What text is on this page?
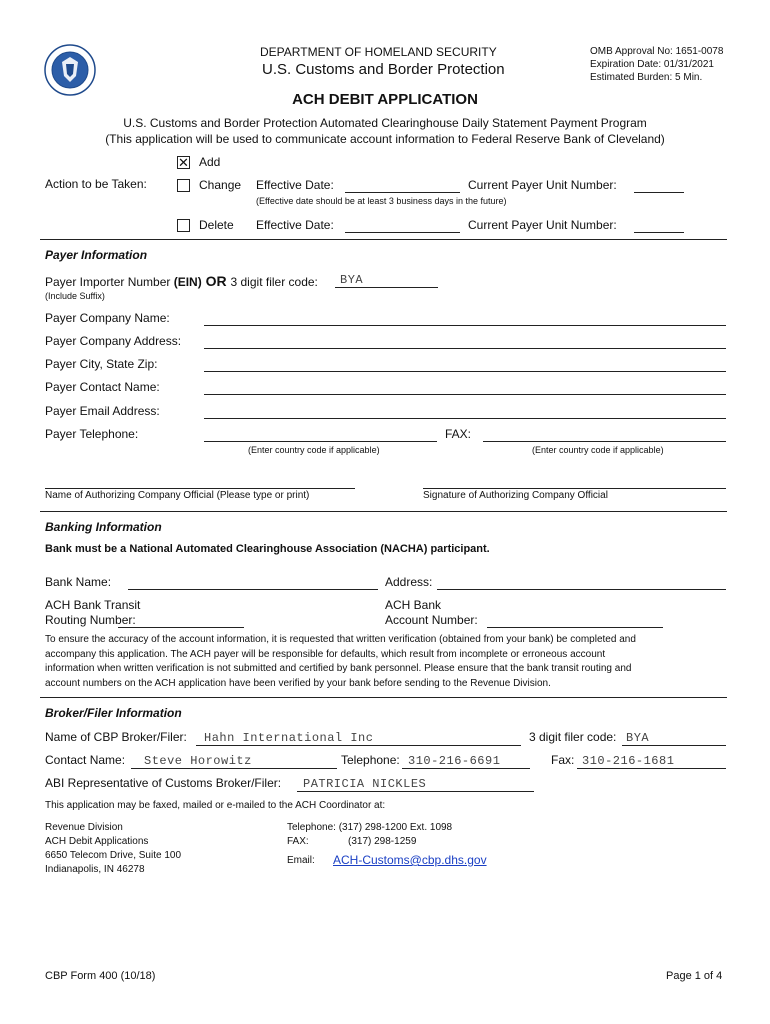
DEPARTMENT OF HOMELAND SECURITY
U.S. Customs and Border Protection
OMB Approval No: 1651-0078
Expiration Date: 01/31/2021
Estimated Burden: 5 Min.
ACH DEBIT APPLICATION
U.S. Customs and Border Protection Automated Clearinghouse Daily Statement Payment Program
(This application will be used to communicate account information to Federal Reserve Bank of Cleveland)
✕ Add
Action to be Taken:	Change Effective Date:	Current Payer Unit Number:
(Effective date should be at least 3 business days in the future)
Delete Effective Date:	Current Payer Unit Number:
Payer Information
Payer Importer Number (EIN) OR 3 digit filer code: BYA
(Include Suffix)
Payer Company Name:
Payer Company Address:
Payer City, State Zip:
Payer Contact Name:
Payer Email Address:
Payer Telephone:	FAX:
(Enter country code if applicable)	(Enter country code if applicable)
Name of Authorizing Company Official (Please type or print)	Signature of Authorizing Company Official
Banking Information
Bank must be a National Automated Clearinghouse Association (NACHA) participant.
Bank Name:	Address:
ACH Bank Transit
Routing Number:
ACH Bank
Account Number:
To ensure the accuracy of the account information, it is requested that written verification (obtained from your bank) be completed and
accompany this application. The ACH payer will be responsible for defaults, which result from incomplete or erroneous account
information when written verification is not submitted and certified by bank personnel. Please ensure that the bank transit routing and
account numbers on the ACH application have been verified by your bank before sending to the Revenue Division.
Broker/Filer Information
Name of CBP Broker/Filer: Hahn International Inc	3 digit filer code: BYA
Contact Name: Steve Horowitz	Telephone: 310-216-6691	Fax: 310-216-1681
ABI Representative of Customs Broker/Filer: PATRICIA NICKLES
This application may be faxed, mailed or e-mailed to the ACH Coordinator at:
Revenue Division
ACH Debit Applications
6650 Telecom Drive, Suite 100
Indianapolis, IN 46278
Telephone: (317) 298-1200 Ext. 1098
FAX:	(317) 298-1259
Email: ACH-Customs@cbp.dhs.gov
CBP Form 400 (10/18)	Page 1 of 4
